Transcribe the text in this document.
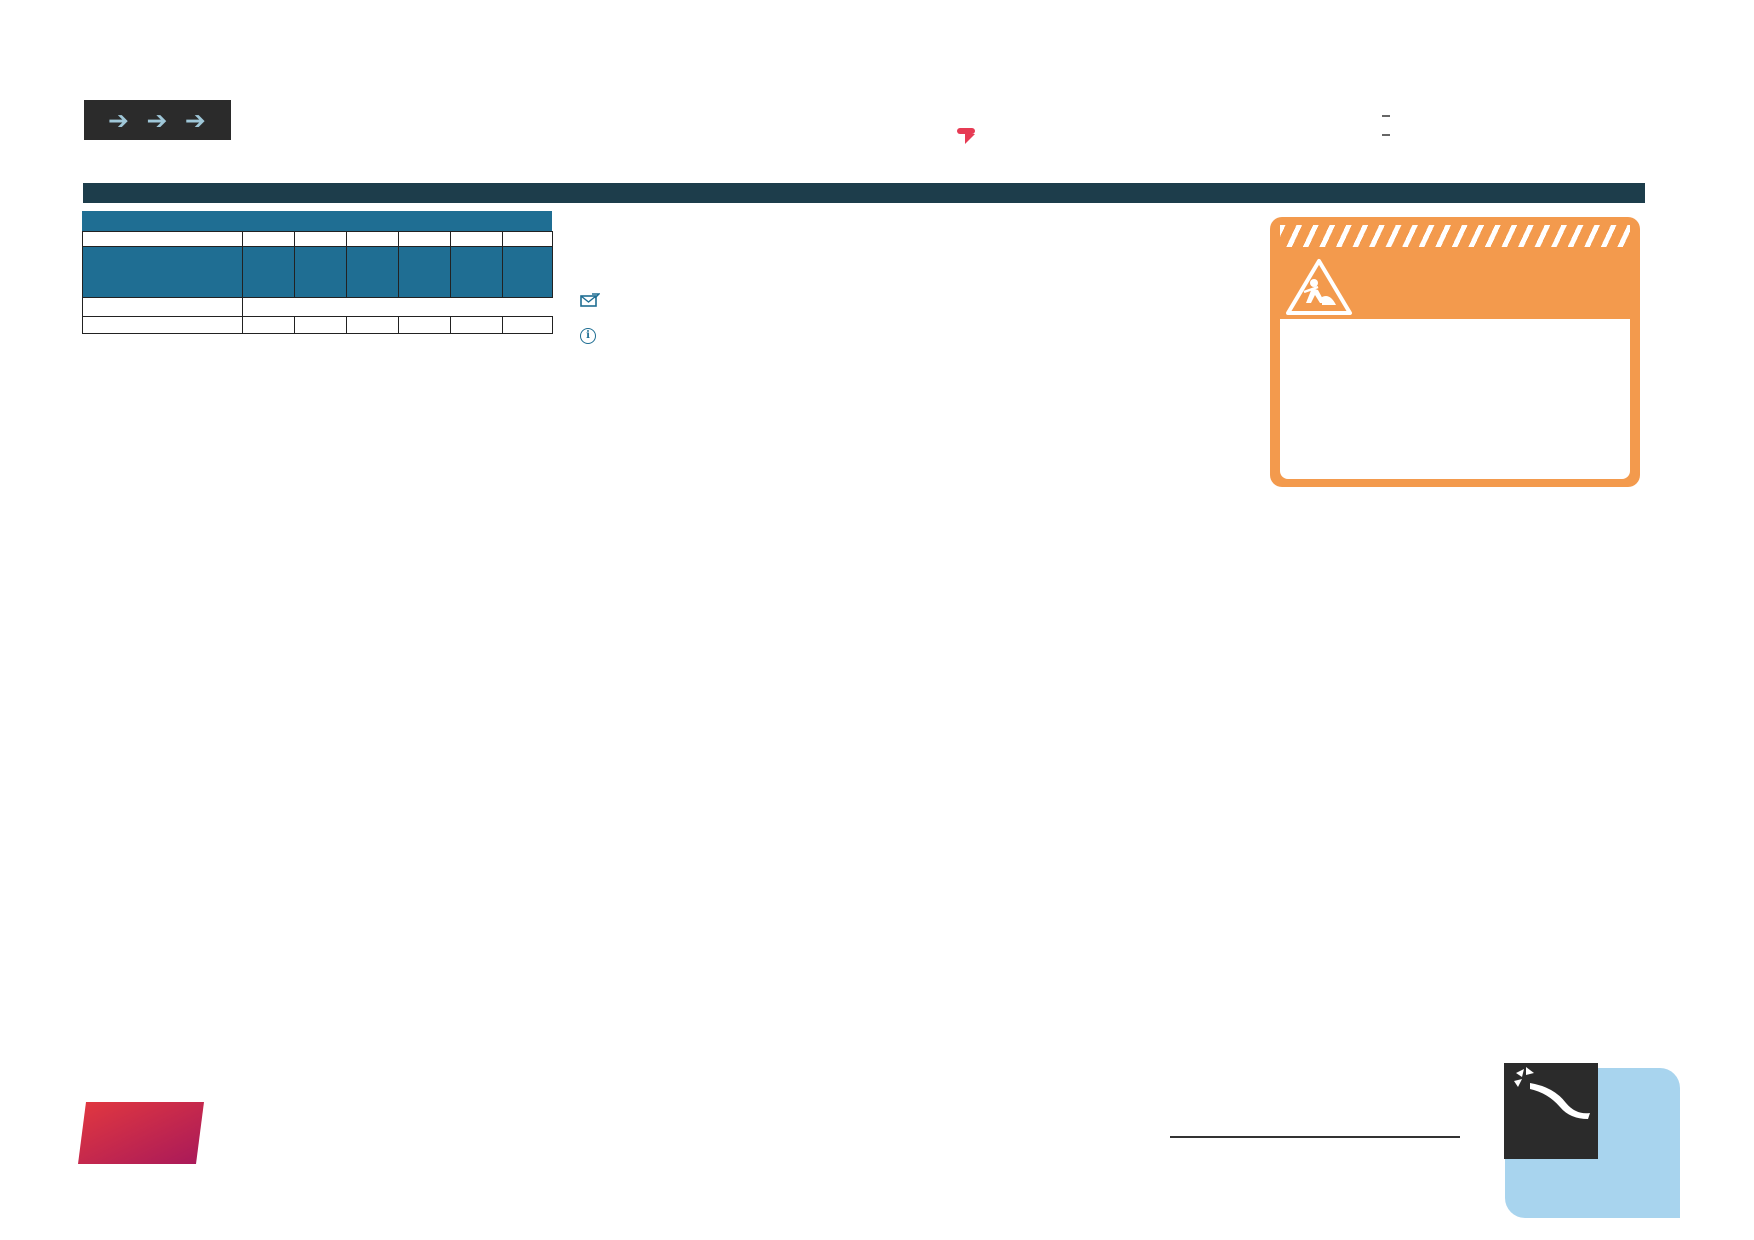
➔ ➔ ➔

i
